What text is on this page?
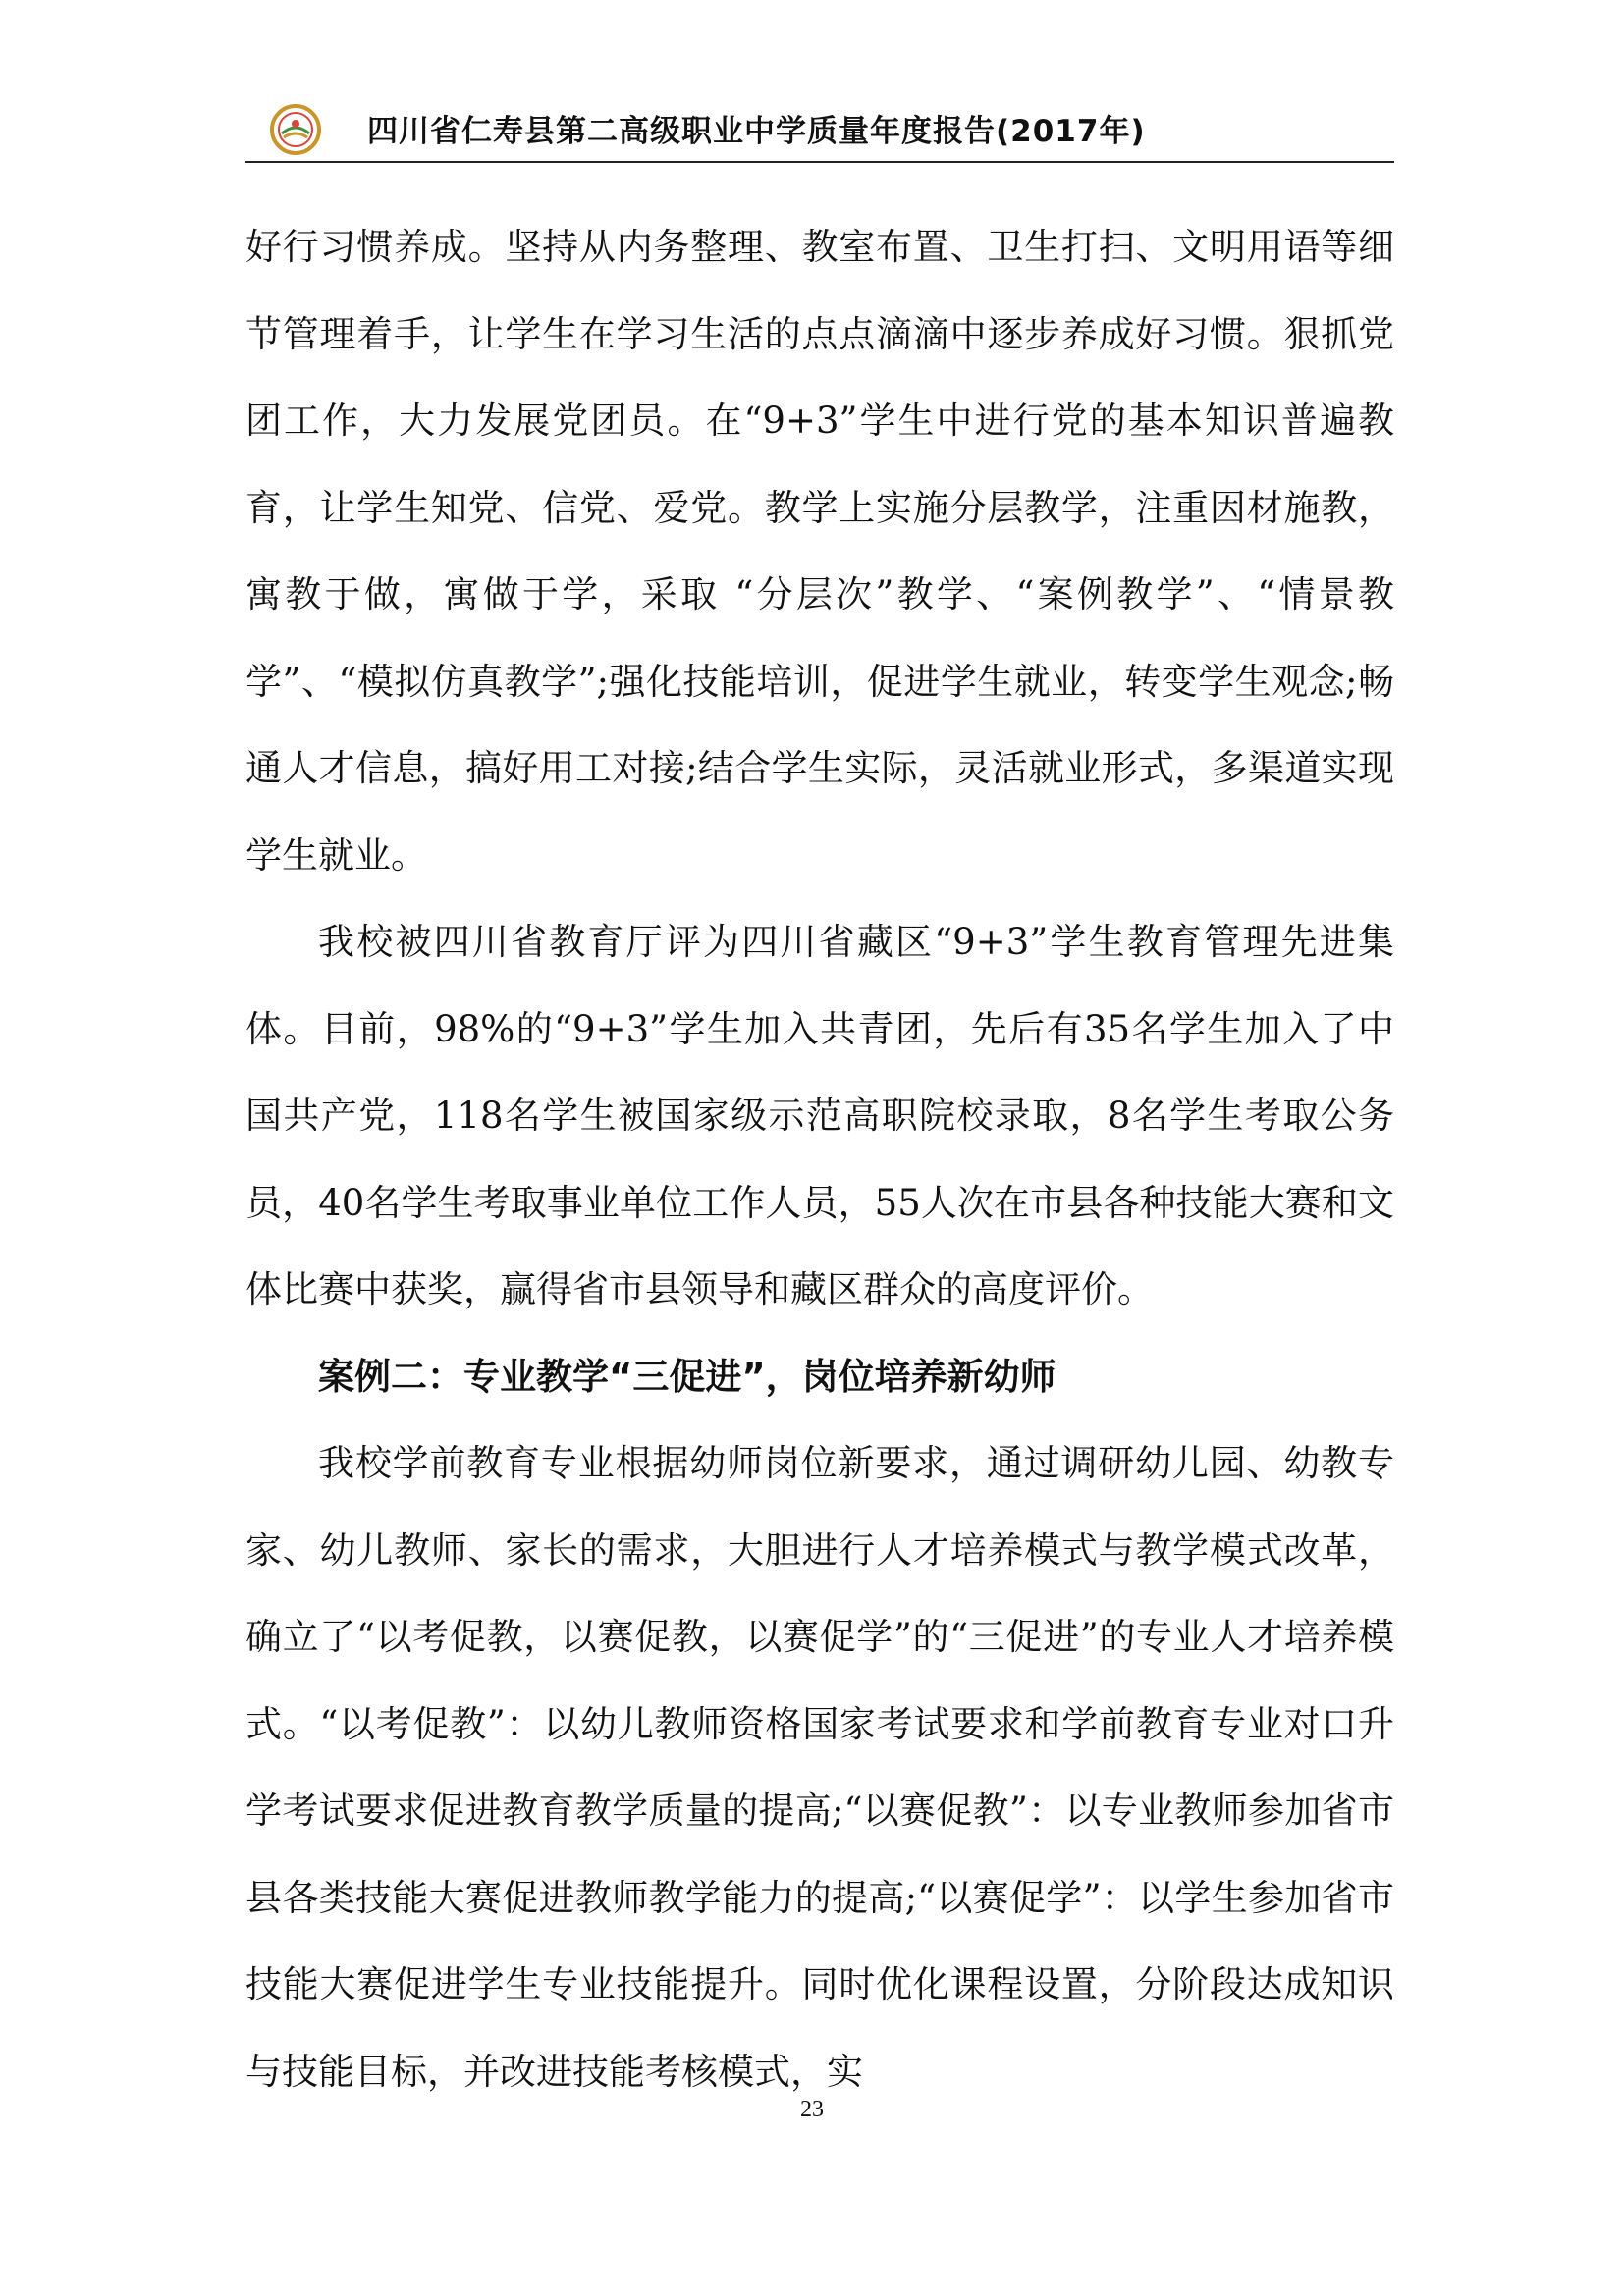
四川省仁寿县第二高级职业中学质量年度报告(2017年)

好行习惯养成。坚持从内务整理、教室布置、卫生打扫、文明用语等细节管理着手，让学生在学习生活的点点滴滴中逐步养成好习惯。狠抓党团工作，大力发展党团员。在“9+3”学生中进行党的基本知识普遍教育，让学生知党、信党、爱党。教学上实施分层教学，注重因材施教，寓教于做，寓做于学，采取 “分层次”教学、“案例教学”、“情景教学”、“模拟仿真教学”;强化技能培训，促进学生就业，转变学生观念;畅通人才信息，搞好用工对接;结合学生实际，灵活就业形式，多渠道实现学生就业。

我校被四川省教育厅评为四川省藏区“9+3”学生教育管理先进集体。目前，98%的“9+3”学生加入共青团，先后有35名学生加入了中国共产党，118名学生被国家级示范高职院校录取，8名学生考取公务员，40名学生考取事业单位工作人员，55人次在市县各种技能大赛和文体比赛中获奖，赢得省市县领导和藏区群众的高度评价。

案例二：专业教学“三促进”，岗位培养新幼师

我校学前教育专业根据幼师岗位新要求，通过调研幼儿园、幼教专家、幼儿教师、家长的需求，大胆进行人才培养模式与教学模式改革，确立了“以考促教，以赛促教，以赛促学”的“三促进”的专业人才培养模式。“以考促教”：以幼儿教师资格国家考试要求和学前教育专业对口升学考试要求促进教育教学质量的提高;“以赛促教”：以专业教师参加省市县各类技能大赛促进教师教学能力的提高;“以赛促学”：以学生参加省市技能大赛促进学生专业技能提升。同时优化课程设置，分阶段达成知识与技能目标，并改进技能考核模式，实

23
